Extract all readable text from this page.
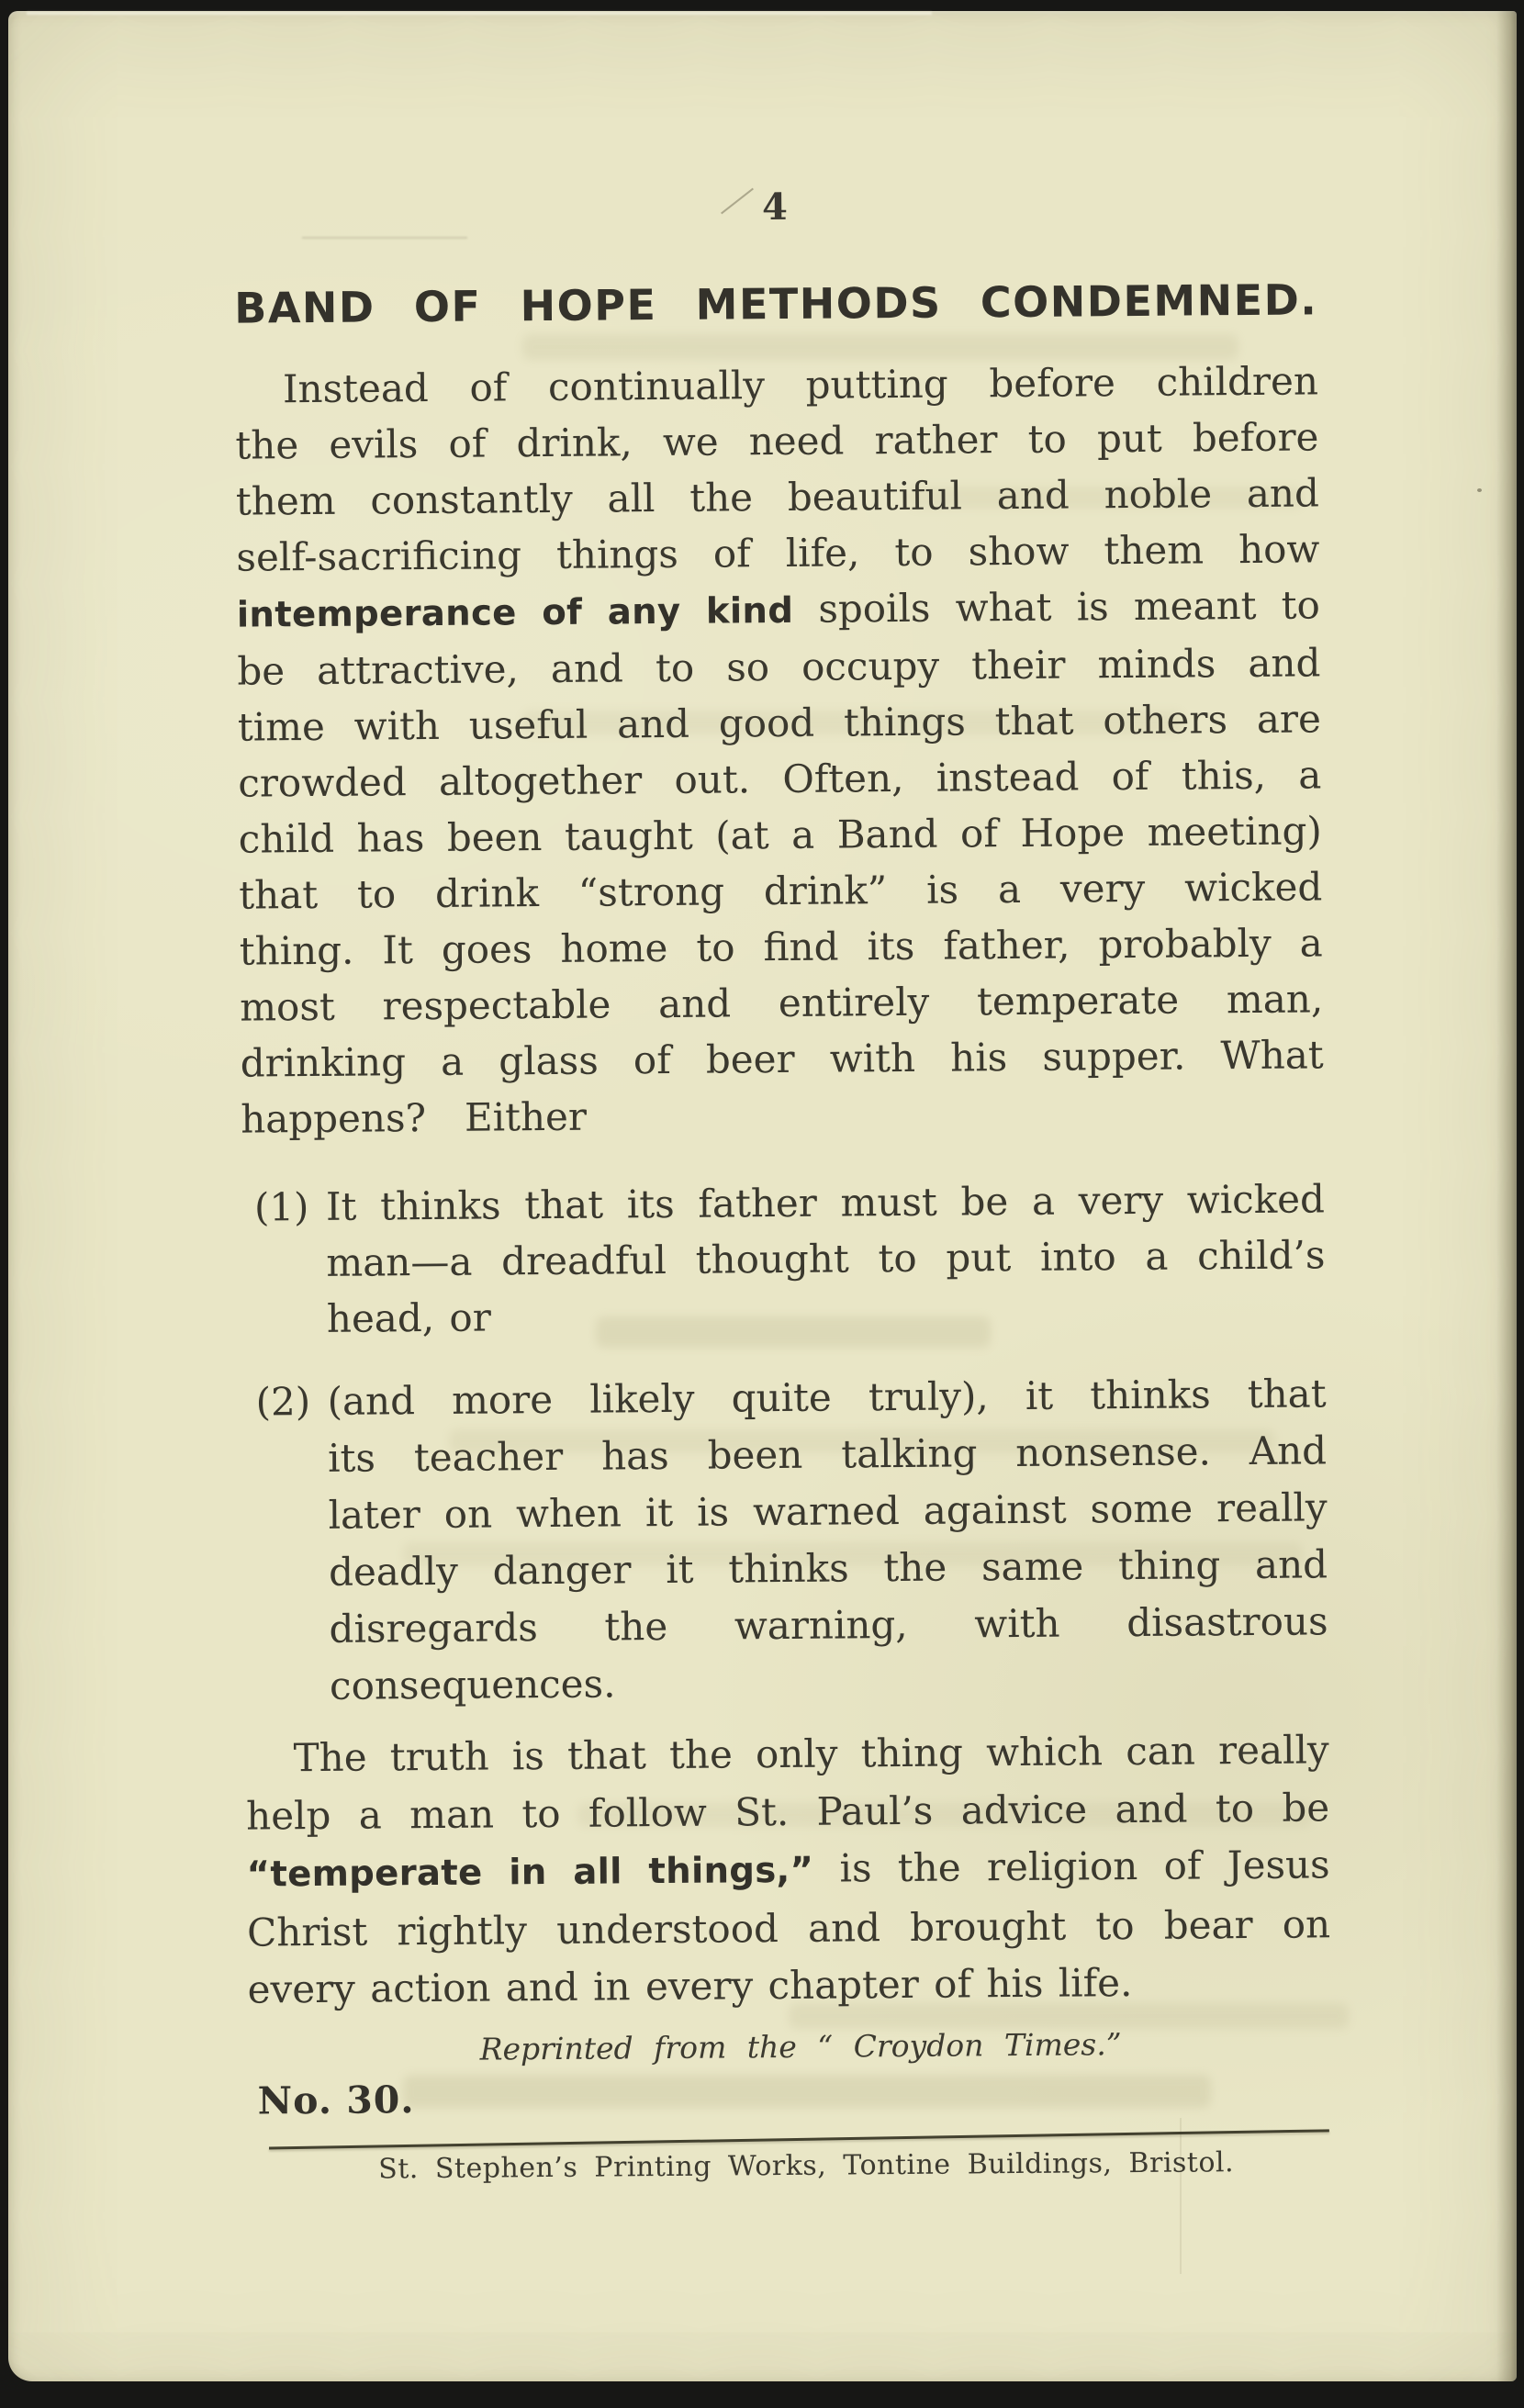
4
BAND OF HOPE METHODS CONDEMNED.
Instead of continually putting before children
the evils of drink, we need rather to put before
them constantly all the beautiful and noble and
self-sacrificing things of life, to show them how
intemperance of any kind spoils what is meant to
be attractive, and to so occupy their minds and
time with useful and good things that others are
crowded altogether out. Often, instead of this, a
child has been taught (at a Band of Hope meeting)
that to drink “strong drink” is a very wicked
thing. It goes home to find its father, probably a
most respectable and entirely temperate man,
drinking a glass of beer with his supper. What
happens? Either
(1) It thinks that its father must be a very wicked
man—a dreadful thought to put into a child’s
head, or
(2) (and more likely quite truly), it thinks that
its teacher has been talking nonsense. And
later on when it is warned against some really
deadly danger it thinks the same thing and
disregards the warning, with disastrous
consequences.
The truth is that the only thing which can really
help a man to follow St. Paul’s advice and to be
“temperate in all things,” is the religion of Jesus
Christ rightly understood and brought to bear on
every action and in every chapter of his life.
Reprinted from the “ Croydon Times.”
No. 30.
St. Stephen’s Printing Works, Tontine Buildings, Bristol.
